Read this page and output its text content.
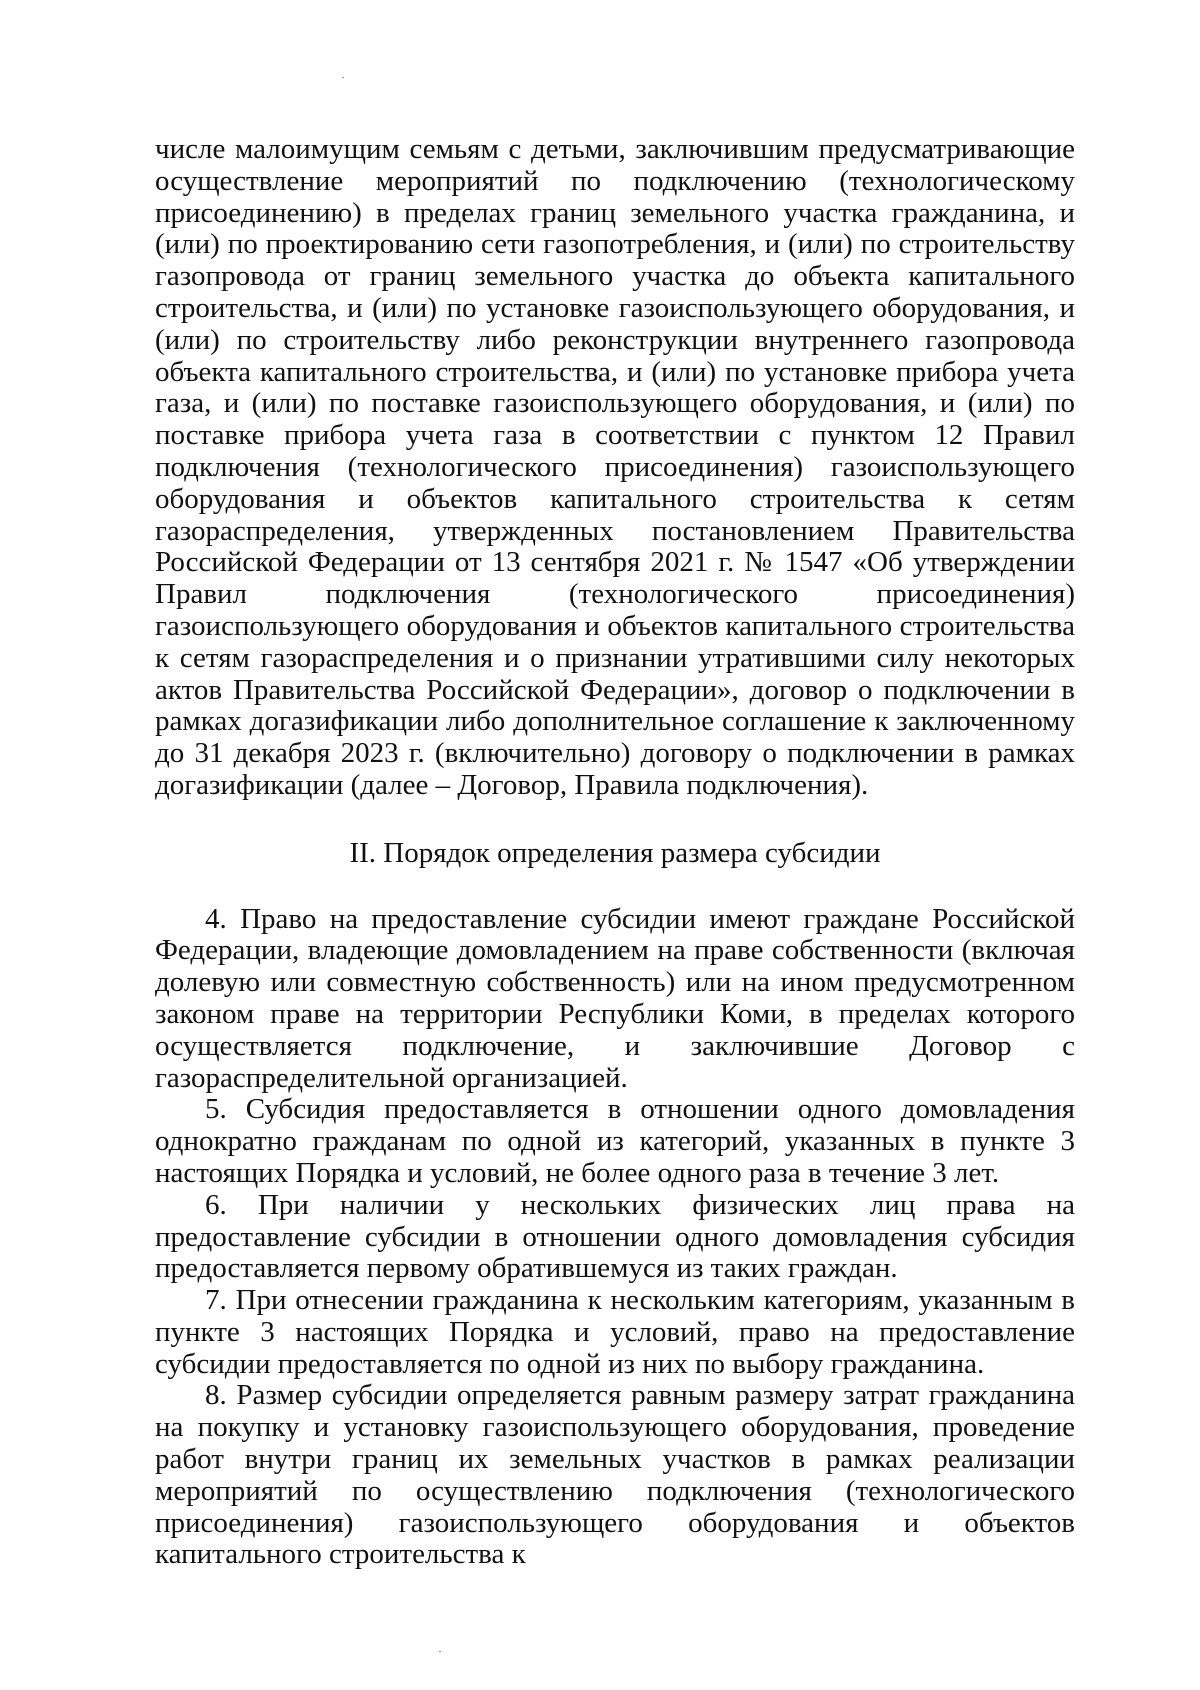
числе малоимущим семьям с детьми, заключившим предусматривающие осуществление мероприятий по подключению (технологическому присоединению) в пределах границ земельного участка гражданина, и (или) по проектированию сети газопотребления, и (или) по строительству газопровода от границ земельного участка до объекта капитального строительства, и (или) по установке газоиспользующего оборудования, и (или) по строительству либо реконструкции внутреннего газопровода объекта капитального строительства, и (или) по установке прибора учета газа, и (или) по поставке газоиспользующего оборудования, и (или) по поставке прибора учета газа в соответствии с пунктом 12 Правил подключения (технологического присоединения) газоиспользующего оборудования и объектов капитального строительства к сетям газораспределения, утвержденных постановлением Правительства Российской Федерации от 13 сентября 2021 г. № 1547 «Об утверждении Правил подключения (технологического присоединения) газоиспользующего оборудования и объектов капитального строительства к сетям газораспределения и о признании утратившими силу некоторых актов Правительства Российской Федерации», договор о подключении в рамках догазификации либо дополнительное соглашение к заключенному до 31 декабря 2023 г. (включительно) договору о подключении в рамках догазификации (далее – Договор, Правила подключения).

II. Порядок определения размера субсидии

4. Право на предоставление субсидии имеют граждане Российской Федерации, владеющие домовладением на праве собственности (включая долевую или совместную собственность) или на ином предусмотренном законом праве на территории Республики Коми, в пределах которого осуществляется подключение, и заключившие Договор с газораспределительной организацией.

5. Субсидия предоставляется в отношении одного домовладения однократно гражданам по одной из категорий, указанных в пункте 3 настоящих Порядка и условий, не более одного раза в течение 3 лет.

6. При наличии у нескольких физических лиц права на предоставление субсидии в отношении одного домовладения субсидия предоставляется первому обратившемуся из таких граждан.

7. При отнесении гражданина к нескольким категориям, указанным в пункте 3 настоящих Порядка и условий, право на предоставление субсидии предоставляется по одной из них по выбору гражданина.

8. Размер субсидии определяется равным размеру затрат гражданина на покупку и установку газоиспользующего оборудования, проведение работ внутри границ их земельных участков в рамках реализации мероприятий по осуществлению подключения (технологического присоединения) газоиспользующего оборудования и объектов капитального строительства к
